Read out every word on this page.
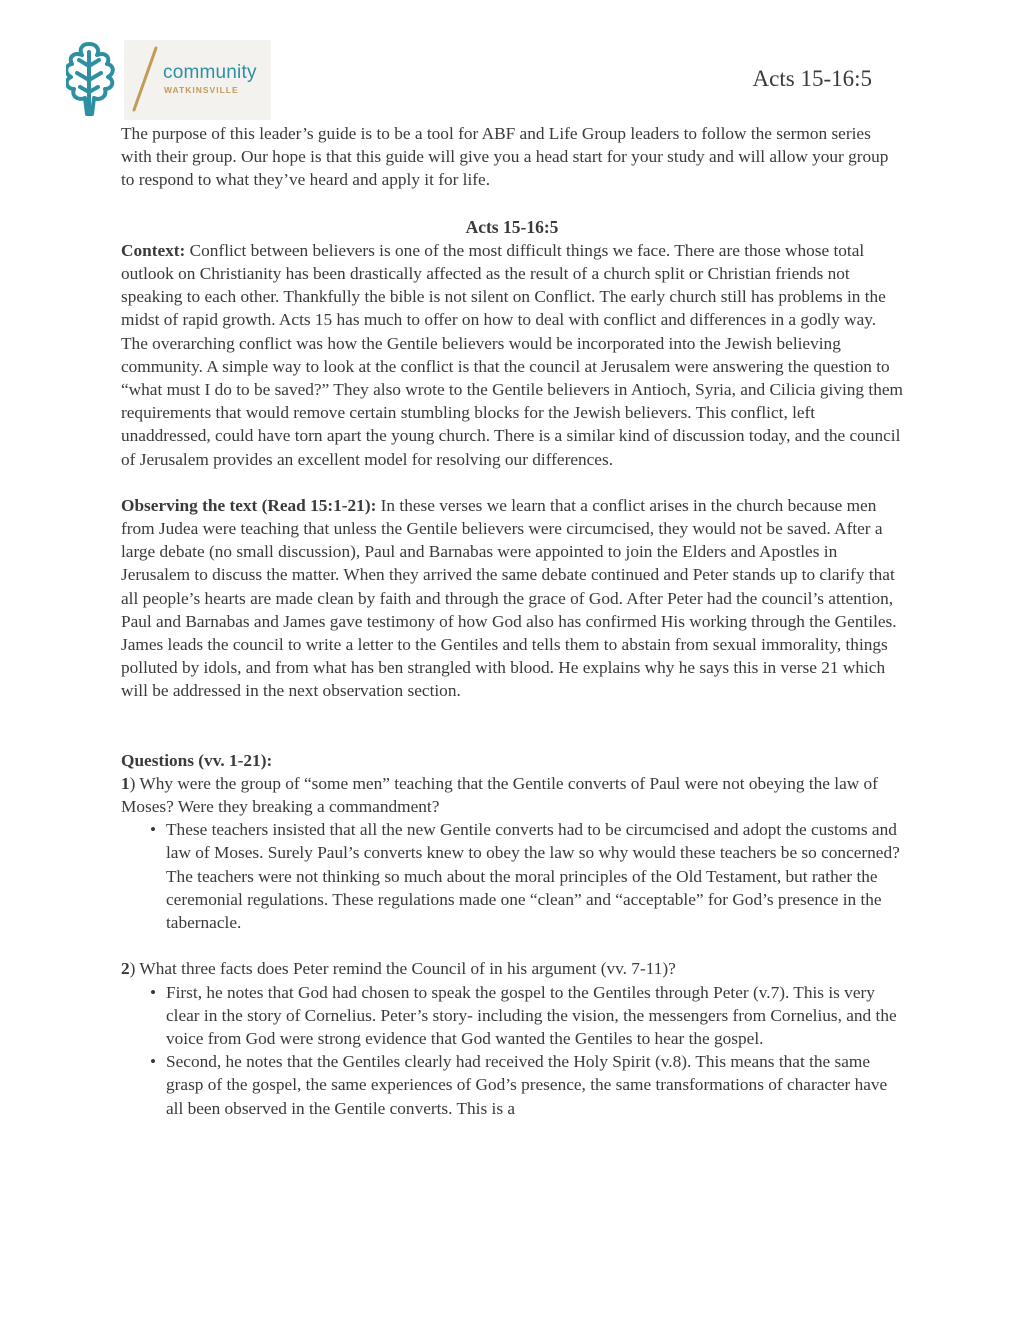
community
WATKINSVILLE	Acts 15-16:5

The purpose of this leader’s guide is to be a tool for ABF and Life Group leaders to follow the sermon series with their group. Our hope is that this guide will give you a head start for your study and will allow your group to respond to what they’ve heard and apply it for life.

Acts 15-16:5

Context: Conflict between believers is one of the most difficult things we face. There are those whose total outlook on Christianity has been drastically affected as the result of a church split or Christian friends not speaking to each other. Thankfully the bible is not silent on Conflict. The early church still has problems in the midst of rapid growth. Acts 15 has much to offer on how to deal with conflict and differences in a godly way. The overarching conflict was how the Gentile believers would be incorporated into the Jewish believing community. A simple way to look at the conflict is that the council at Jerusalem were answering the question to “what must I do to be saved?” They also wrote to the Gentile believers in Antioch, Syria, and Cilicia giving them requirements that would remove certain stumbling blocks for the Jewish believers. This conflict, left unaddressed, could have torn apart the young church. There is a similar kind of discussion today, and the council of Jerusalem provides an excellent model for resolving our differences.

Observing the text (Read 15:1-21): In these verses we learn that a conflict arises in the church because men from Judea were teaching that unless the Gentile believers were circumcised, they would not be saved. After a large debate (no small discussion), Paul and Barnabas were appointed to join the Elders and Apostles in Jerusalem to discuss the matter. When they arrived the same debate continued and Peter stands up to clarify that all people’s hearts are made clean by faith and through the grace of God. After Peter had the council’s attention, Paul and Barnabas and James gave testimony of how God also has confirmed His working through the Gentiles. James leads the council to write a letter to the Gentiles and tells them to abstain from sexual immorality, things polluted by idols, and from what has ben strangled with blood. He explains why he says this in verse 21 which will be addressed in the next observation section.

Questions (vv. 1-21):

1) Why were the group of “some men” teaching that the Gentile converts of Paul were not obeying the law of Moses? Were they breaking a commandment?

• These teachers insisted that all the new Gentile converts had to be circumcised and adopt the customs and law of Moses. Surely Paul’s converts knew to obey the law so why would these teachers be so concerned? The teachers were not thinking so much about the moral principles of the Old Testament, but rather the ceremonial regulations. These regulations made one “clean” and “acceptable” for God’s presence in the tabernacle.

2) What three facts does Peter remind the Council of in his argument (vv. 7-11)?

• First, he notes that God had chosen to speak the gospel to the Gentiles through Peter (v.7). This is very clear in the story of Cornelius. Peter’s story- including the vision, the messengers from Cornelius, and the voice from God were strong evidence that God wanted the Gentiles to hear the gospel.
• Second, he notes that the Gentiles clearly had received the Holy Spirit (v.8). This means that the same grasp of the gospel, the same experiences of God’s presence, the same transformations of character have all been observed in the Gentile converts. This is a
